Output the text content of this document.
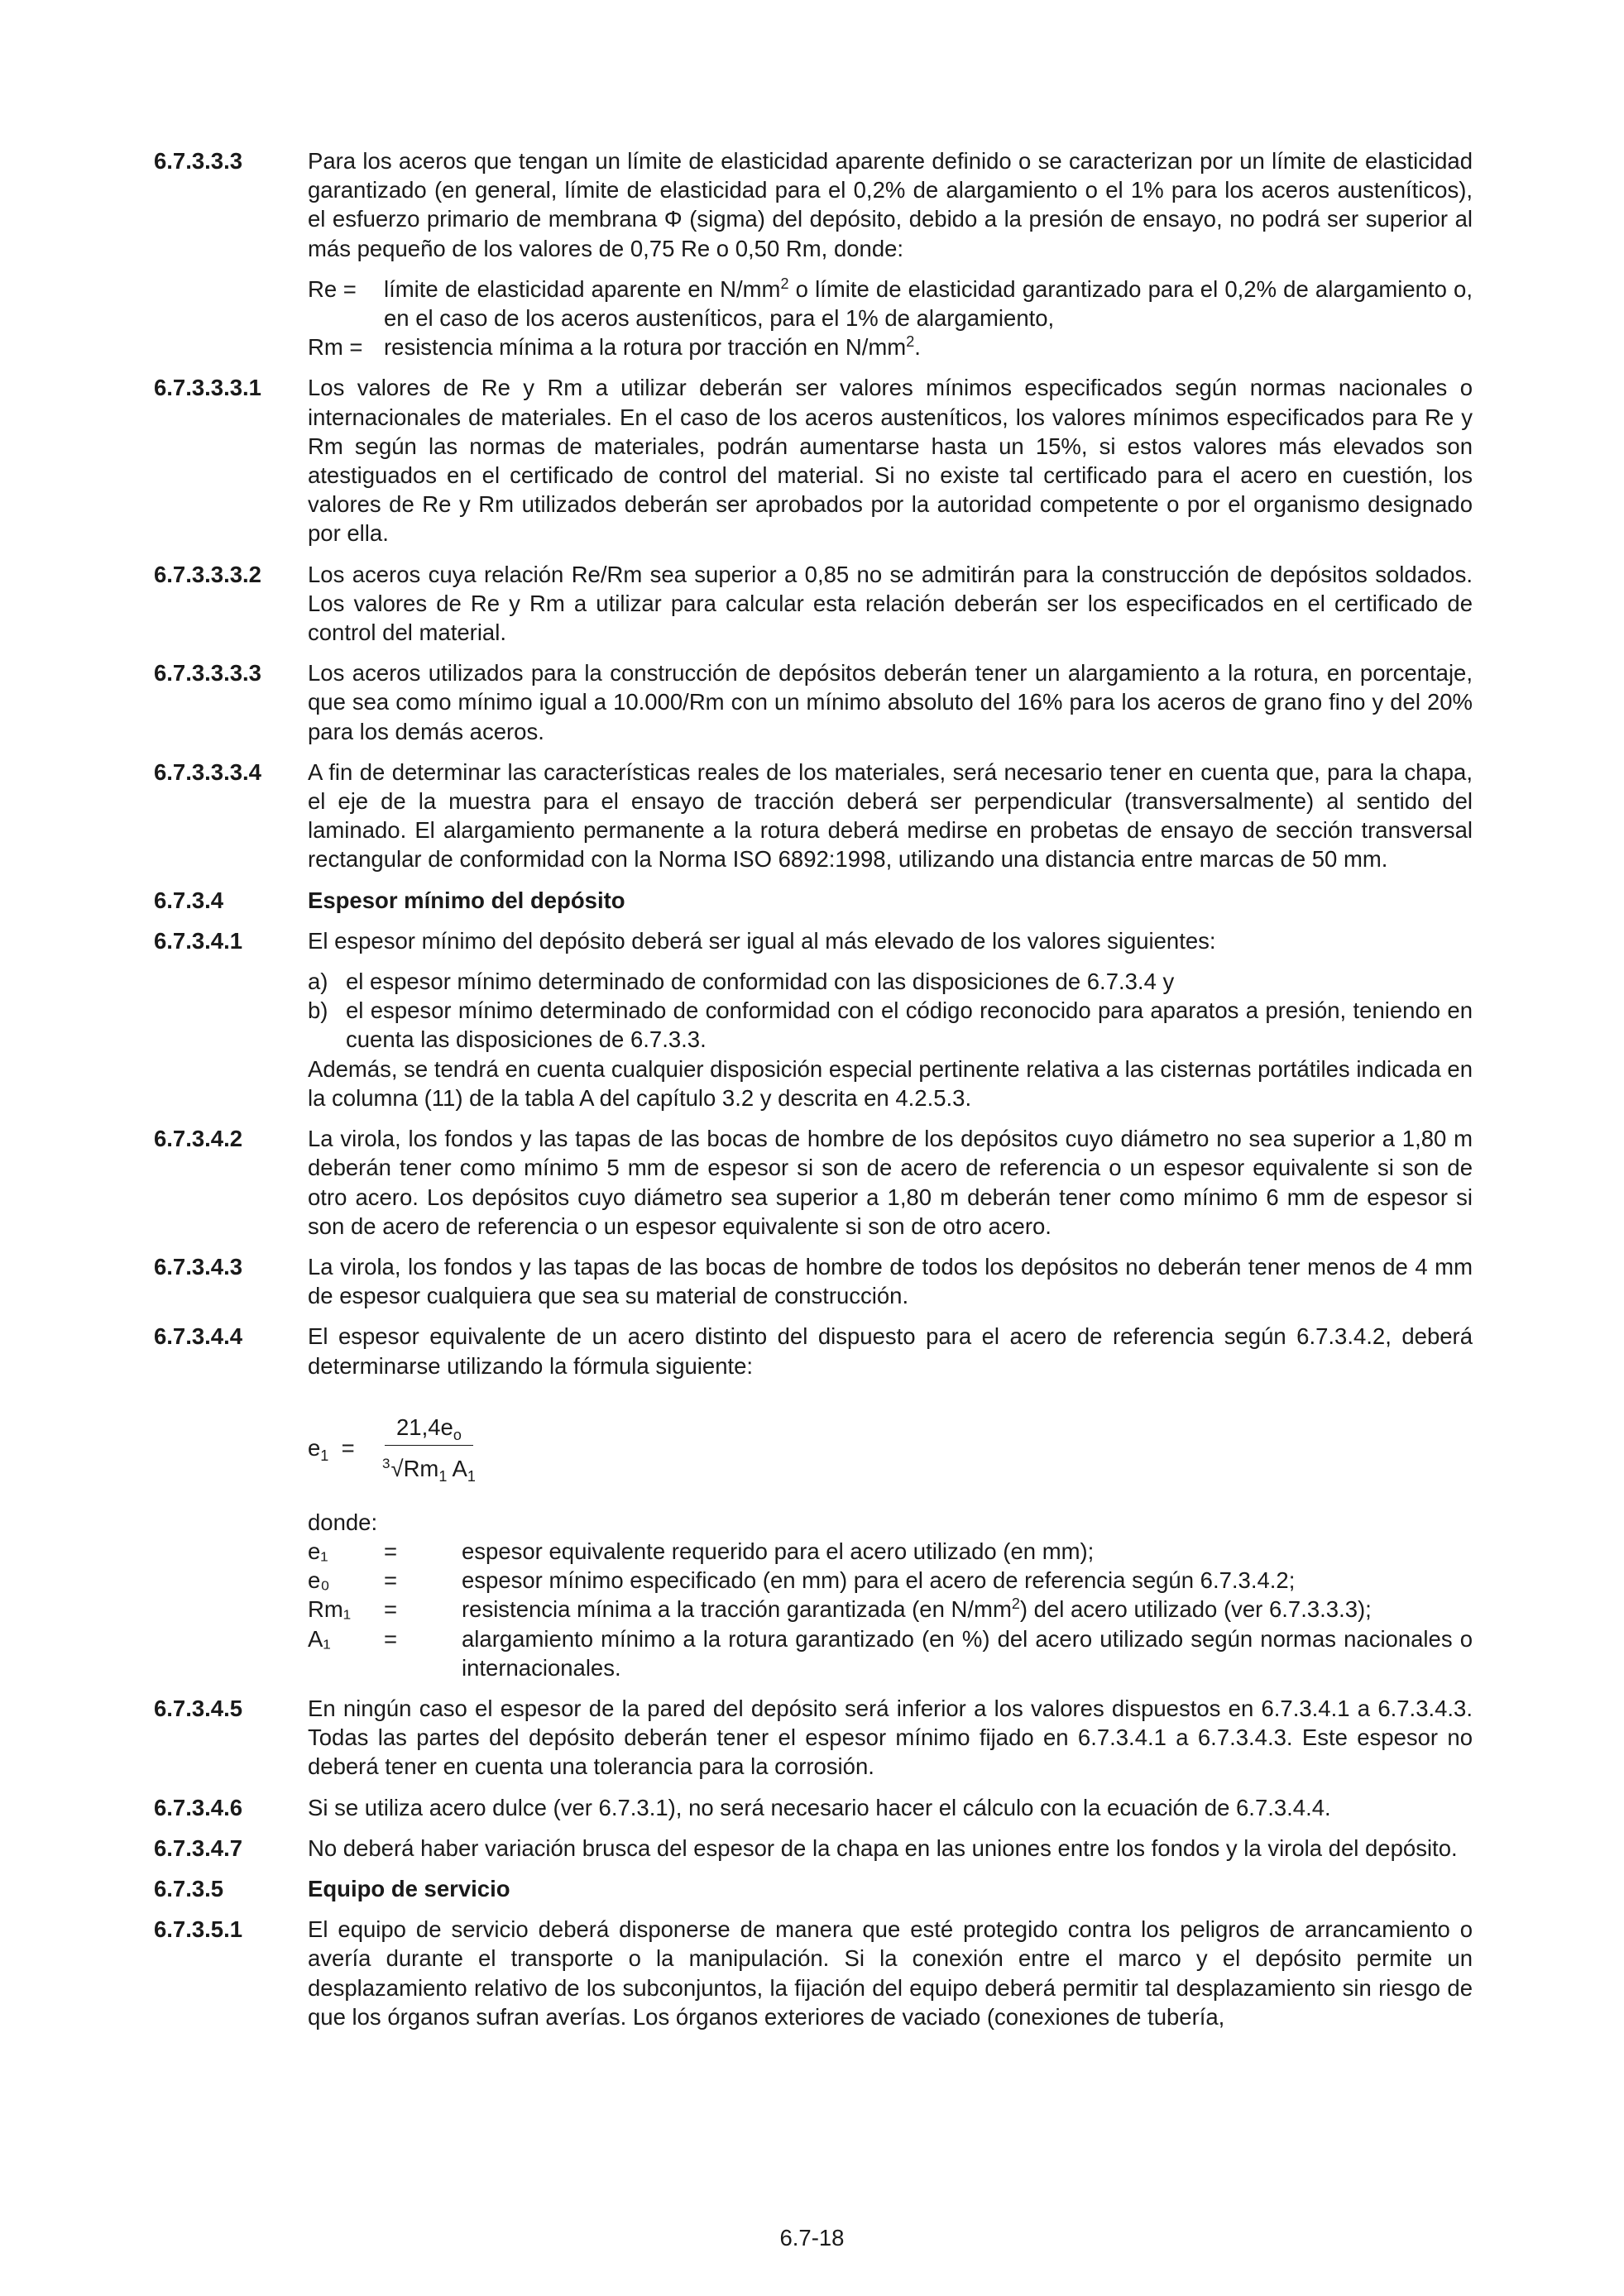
6.7.3.3.3	Para los aceros que tengan un límite de elasticidad aparente definido o se caracterizan por un límite de elasticidad garantizado (en general, límite de elasticidad para el 0,2% de alargamiento o el 1% para los aceros austeníticos), el esfuerzo primario de membrana Φ (sigma) del depósito, debido a la presión de ensayo, no podrá ser superior al más pequeño de los valores de 0,75 Re o 0,50 Rm, donde:

Re =	límite de elasticidad aparente en $N/mm^2$ o límite de elasticidad garantizado para el 0,2% de alargamiento o, en el caso de los aceros austeníticos, para el 1% de alargamiento,
Rm = resistencia mínima a la rotura por tracción en $N/mm^2$.
6.7.3.3.3.1	Los valores de Re y Rm a utilizar deberán ser valores mínimos especificados según normas nacionales o internacionales de materiales. En el caso de los aceros austeníticos, los valores mínimos especificados para Re y Rm según las normas de materiales, podrán aumentarse hasta un 15%, si estos valores más elevados son atestiguados en el certificado de control del material. Si no existe tal certificado para el acero en cuestión, los valores de Re y Rm utilizados deberán ser aprobados por la autoridad competente o por el organismo designado por ella.
6.7.3.3.3.2	Los aceros cuya relación Re/Rm sea superior a 0,85 no se admitirán para la construcción de depósitos soldados. Los valores de Re y Rm a utilizar para calcular esta relación deberán ser los especificados en el certificado de control del material.
6.7.3.3.3.3	Los aceros utilizados para la construcción de depósitos deberán tener un alargamiento a la rotura, en porcentaje, que sea como mínimo igual a 10.000/Rm con un mínimo absoluto del 16% para los aceros de grano fino y del 20% para los demás aceros.
6.7.3.3.3.4	A fin de determinar las características reales de los materiales, será necesario tener en cuenta que, para la chapa, el eje de la muestra para el ensayo de tracción deberá ser perpendicular (transversalmente) al sentido del laminado. El alargamiento permanente a la rotura deberá medirse en probetas de ensayo de sección transversal rectangular de conformidad con la Norma ISO 6892:1998, utilizando una distancia entre marcas de 50 mm.
6.7.3.4	Espesor mínimo del depósito
6.7.3.4.1	El espesor mínimo del depósito deberá ser igual al más elevado de los valores siguientes:

a) el espesor mínimo determinado de conformidad con las disposiciones de 6.7.3.4 y
b) el espesor mínimo determinado de conformidad con el código reconocido para aparatos a presión, teniendo en cuenta las disposiciones de 6.7.3.3.

Además, se tendrá en cuenta cualquier disposición especial pertinente relativa a las cisternas portátiles indicada en la columna (11) de la tabla A del capítulo 3.2 y descrita en 4.2.5.3.

6.7.3.4.2	La virola, los fondos y las tapas de las bocas de hombre de los depósitos cuyo diámetro no sea superior a 1,80 m deberán tener como mínimo 5 mm de espesor si son de acero de referencia o un espesor equivalente si son de otro acero. Los depósitos cuyo diámetro sea superior a 1,80 m deberán tener como mínimo 6 mm de espesor si son de acero de referencia o un espesor equivalente si son de otro acero.
6.7.3.4.3	La virola, los fondos y las tapas de las bocas de hombre de todos los depósitos no deberán tener menos de 4 mm de espesor cualquiera que sea su material de construcción.
6.7.3.4.4	El espesor equivalente de un acero distinto del dispuesto para el acero de referencia según 6.7.3.4.2, deberá determinarse utilizando la fórmula siguiente:

$e_1$ =	$\frac{21,4e_o}{^3√Rm_1 A_1}$

donde:

e₁	=	espesor equivalente requerido para el acero utilizado (en mm);
e₀	=	espesor mínimo especificado (en mm) para el acero de referencia según 6.7.3.4.2;
Rm₁	=	resistencia mínima a la tracción garantizada (en $N/mm^2$) del acero utilizado (ver 6.7.3.3.3);
A₁	=	alargamiento mínimo a la rotura garantizado (en %) del acero utilizado según normas nacionales o internacionales.
6.7.3.4.5	En ningún caso el espesor de la pared del depósito será inferior a los valores dispuestos en 6.7.3.4.1 a 6.7.3.4.3. Todas las partes del depósito deberán tener el espesor mínimo fijado en 6.7.3.4.1 a 6.7.3.4.3. Este espesor no deberá tener en cuenta una tolerancia para la corrosión.
6.7.3.4.6	Si se utiliza acero dulce (ver 6.7.3.1), no será necesario hacer el cálculo con la ecuación de 6.7.3.4.4.
6.7.3.4.7	No deberá haber variación brusca del espesor de la chapa en las uniones entre los fondos y la virola del depósito.
6.7.3.5	Equipo de servicio
6.7.3.5.1	El equipo de servicio deberá disponerse de manera que esté protegido contra los peligros de arrancamiento o avería durante el transporte o la manipulación. Si la conexión entre el marco y el depósito permite un desplazamiento relativo de los subconjuntos, la fijación del equipo deberá permitir tal desplazamiento sin riesgo de que los órganos sufran averías. Los órganos exteriores de vaciado (conexiones de tubería,
6.7-18
